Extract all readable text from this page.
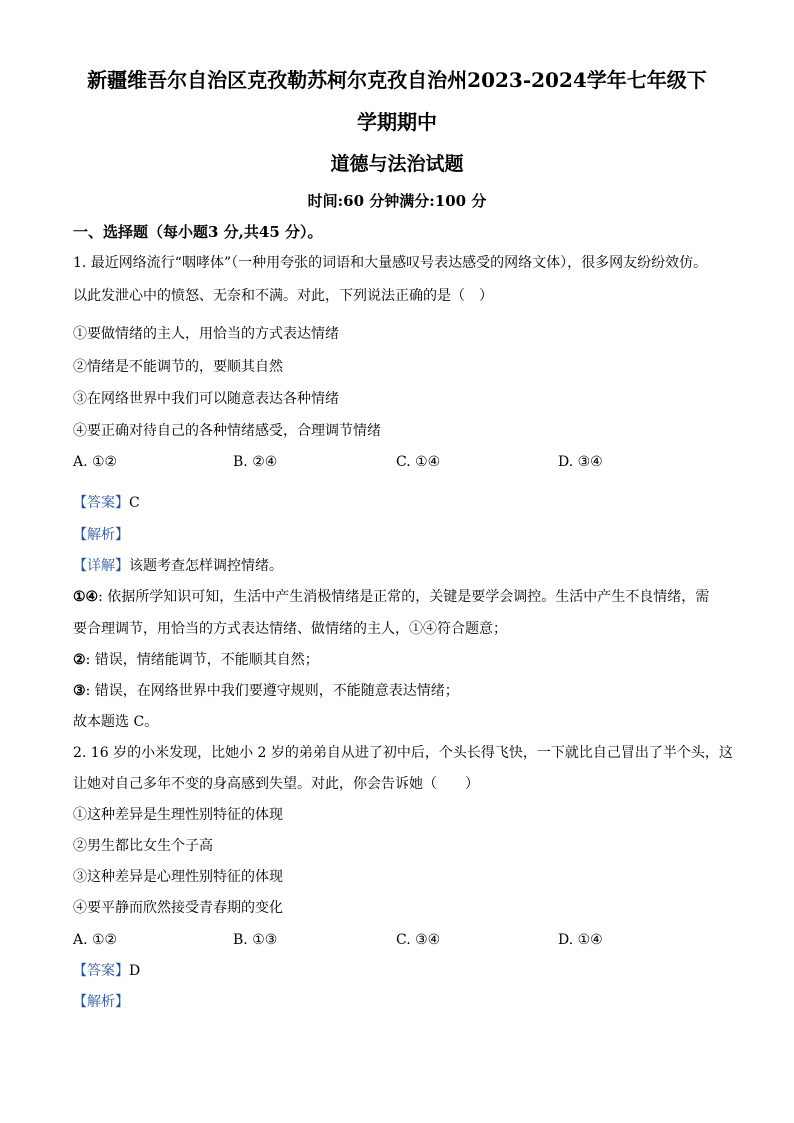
新疆维吾尔自治区克孜勒苏柯尔克孜自治州2023-2024学年七年级下
学期期中
道德与法治试题
时间:60 分钟满分:100 分
一、选择题（每小题3 分,共45 分）。
1. 最近网络流行“咽哮体”（一种用夸张的词语和大量感叹号表达感受的网络文体），很多网友纷纷效仿。
以此发泄心中的愤怒、无奈和不满。对此，下列说法正确的是（　）
①要做情绪的主人，用恰当的方式表达情绪
②情绪是不能调节的，要顺其自然
③在网络世界中我们可以随意表达各种情绪
④要正确对待自己的各种情绪感受，合理调节情绪
A. ①②	B. ②④	C. ①④	D. ③④
【答案】C
【解析】
【详解】该题考查怎样调控情绪。
①④: 依据所学知识可知，生活中产生消极情绪是正常的，关键是要学会调控。生活中产生不良情绪，需
要合理调节，用恰当的方式表达情绪、做情绪的主人，①④符合题意；
②: 错误，情绪能调节，不能顺其自然；
③: 错误，在网络世界中我们要遵守规则，不能随意表达情绪；
故本题选 C。
2. 16 岁的小米发现，比她小 2 岁的弟弟自从进了初中后，个头长得飞快，一下就比自己冒出了半个头，这
让她对自己多年不变的身高感到失望。对此，你会告诉她（　　）
①这种差异是生理性别特征的体现
②男生都比女生个子高
③这种差异是心理性别特征的体现
④要平静而欣然接受青春期的变化
A. ①②	B. ①③	C. ③④	D. ①④
【答案】D
【解析】
